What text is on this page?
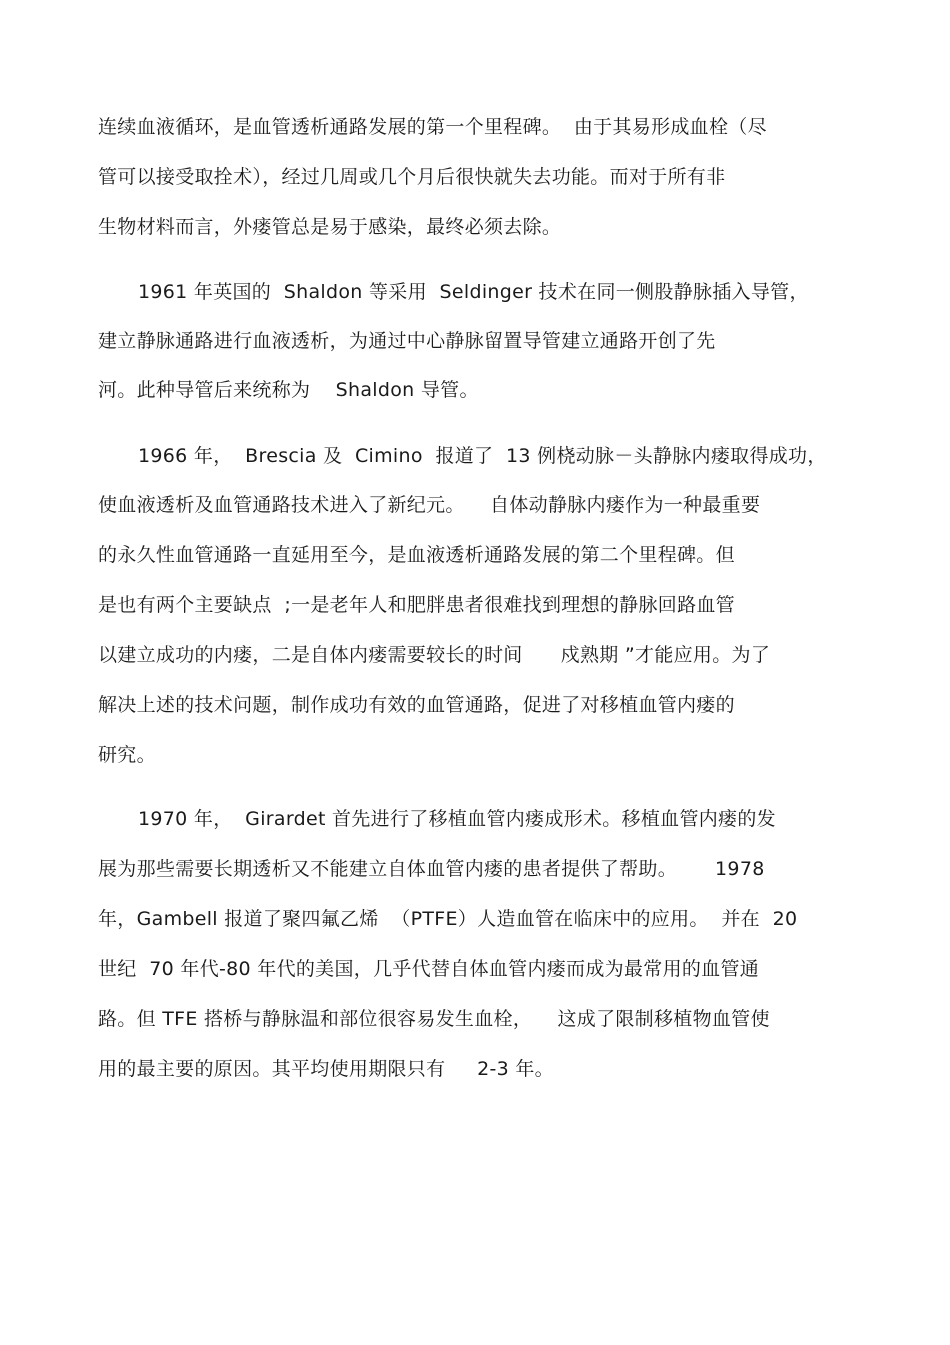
连续血液循环，是血管透析通路发展的第一个里程碑。  由于其易形成血栓（尽
管可以接受取拴术），经过几周或几个月后很快就失去功能。而对于所有非
生物材料而言，外瘘管总是易于感染，最终必须去除。
1961 年英国的  Shaldon 等采用  Seldinger 技术在同一侧股静脉插入导管，
建立静脉通路进行血液透析，为通过中心静脉留置导管建立通路开创了先
河。此种导管后来统称为    Shaldon 导管。
1966 年，  Brescia 及  Cimino  报道了  13 例桡动脉－头静脉内瘘取得成功，
使血液透析及血管通路技术进入了新纪元。    自体动静脉内瘘作为一种最重要
的永久性血管通路一直延用至今，是血液透析通路发展的第二个里程碑。但
是也有两个主要缺点  ;一是老年人和肥胖患者很难找到理想的静脉回路血管
以建立成功的内瘘，二是自体内瘘需要较长的时间      戍熟期 ”才能应用。为了
解决上述的技术问题，制作成功有效的血管通路，促进了对移植血管内瘘的
研究。
1970 年，  Girardet 首先进行了移植血管内瘘成形术。移植血管内瘘的发
展为那些需要长期透析又不能建立自体血管内瘘的患者提供了帮助。      1978
年，Gambell 报道了聚四氟乙烯  （PTFE）人造血管在临床中的应用。  并在  20
世纪  70 年代-80 年代的美国，几乎代替自体血管内瘘而成为最常用的血管通
路。但 TFE 搭桥与静脉温和部位很容易发生血栓，    这成了限制移植物血管使
用的最主要的原因。其平均使用期限只有     2-3 年。
